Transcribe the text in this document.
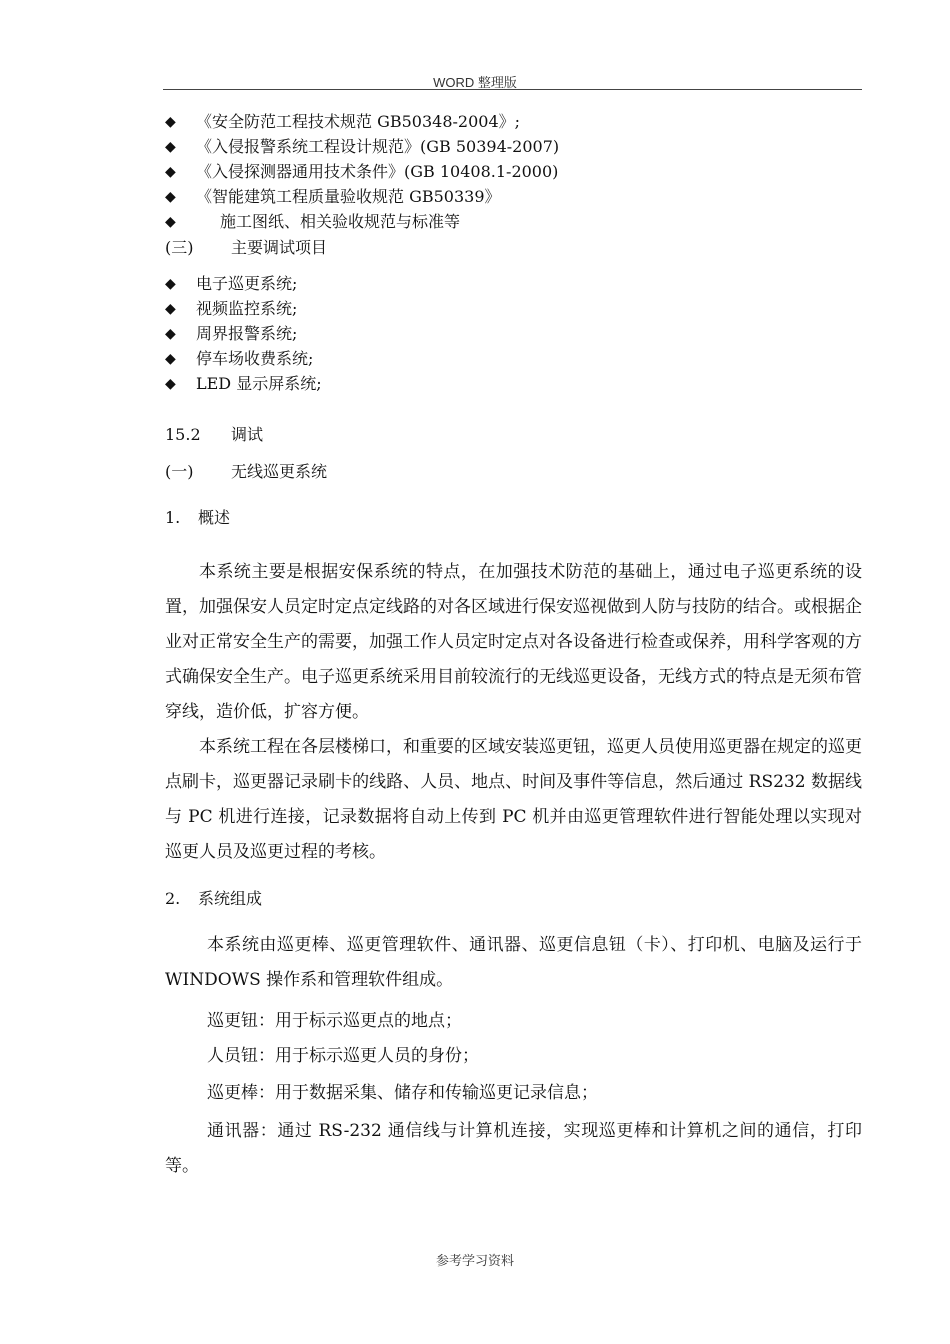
WORD 整理版
◆ 《安全防范工程技术规范 GB50348-2004》;
◆ 《入侵报警系统工程设计规范》(GB 50394-2007)
◆ 《入侵探测器通用技术条件》(GB 10408.1-2000)
◆ 《智能建筑工程质量验收规范 GB50339》
◆	施工图纸、相关验收规范与标准等
(三) 主要调试项目
◆ 电子巡更系统;
◆ 视频监控系统;
◆ 周界报警系统;
◆ 停车场收费系统;
◆ LED 显示屏系统;
15.2 调试
(一) 无线巡更系统
1. 概述

本系统主要是根据安保系统的特点，在加强技术防范的基础上，通过电子巡更系统的设置，加强保安人员定时定点定线路的对各区域进行保安巡视做到人防与技防的结合。或根据企业对正常安全生产的需要，加强工作人员定时定点对各设备进行检查或保养，用科学客观的方式确保安全生产。电子巡更系统采用目前较流行的无线巡更设备，无线方式的特点是无须布管穿线，造价低，扩容方便。

本系统工程在各层楼梯口，和重要的区域安装巡更钮，巡更人员使用巡更器在规定的巡更点刷卡，巡更器记录刷卡的线路、人员、地点、时间及事件等信息，然后通过 RS232 数据线与 PC 机进行连接，记录数据将自动上传到 PC 机并由巡更管理软件进行智能处理以实现对巡更人员及巡更过程的考核。

2. 系统组成

本系统由巡更棒、巡更管理软件、通讯器、巡更信息钮（卡）、打印机、电脑及运行于 WINDOWS 操作系和管理软件组成。

巡更钮：用于标示巡更点的地点；
人员钮：用于标示巡更人员的身份；
巡更棒：用于数据采集、储存和传输巡更记录信息；

通讯器：通过 RS-232 通信线与计算机连接，实现巡更棒和计算机之间的通信，打印等。

参考学习资料
